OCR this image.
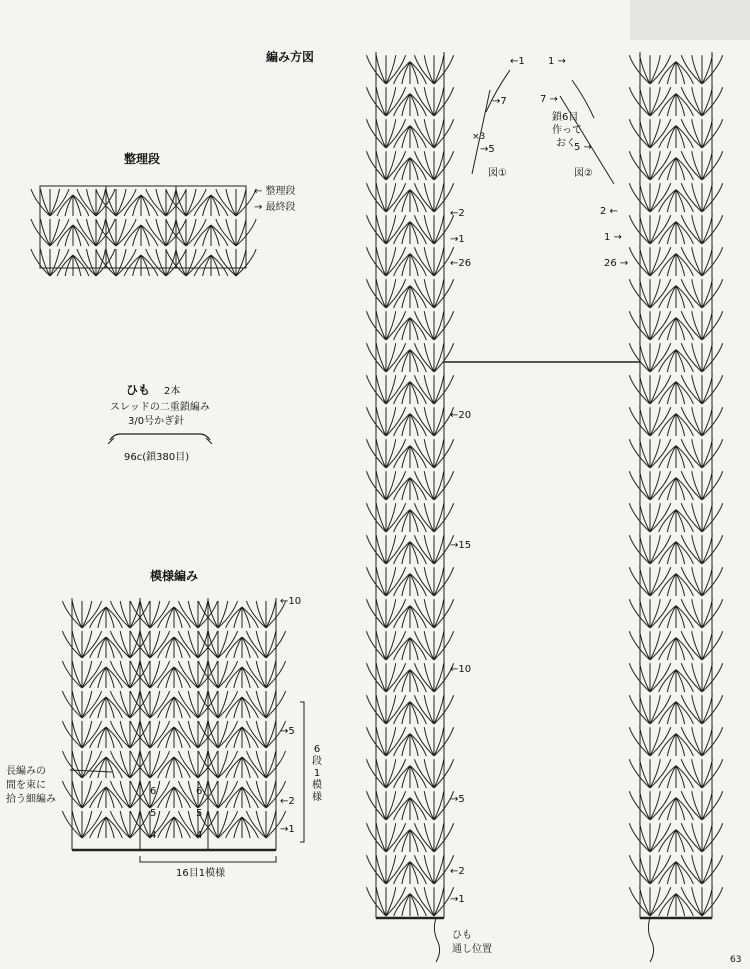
編み方図
整理段
← 整理段
→ 最終段
ひも 2本
スレッドの二重鎖編み
3/0号かぎ針
96c(鎖380目)
模様編み
長編みの
間を束に
拾う細編み
16目1模様
6
段
1
模
様
←10
→5
←2
→1
6
5
4
6
5
4
←26
←20
→15
←10
→5
←2
→1
←1
→7
×3
→5
図①
←2
→1
1 →
7 →
鎖6目
作って
おく
5 →
図②
2 ←
1 →
26 →
ひも
通し位置
63
